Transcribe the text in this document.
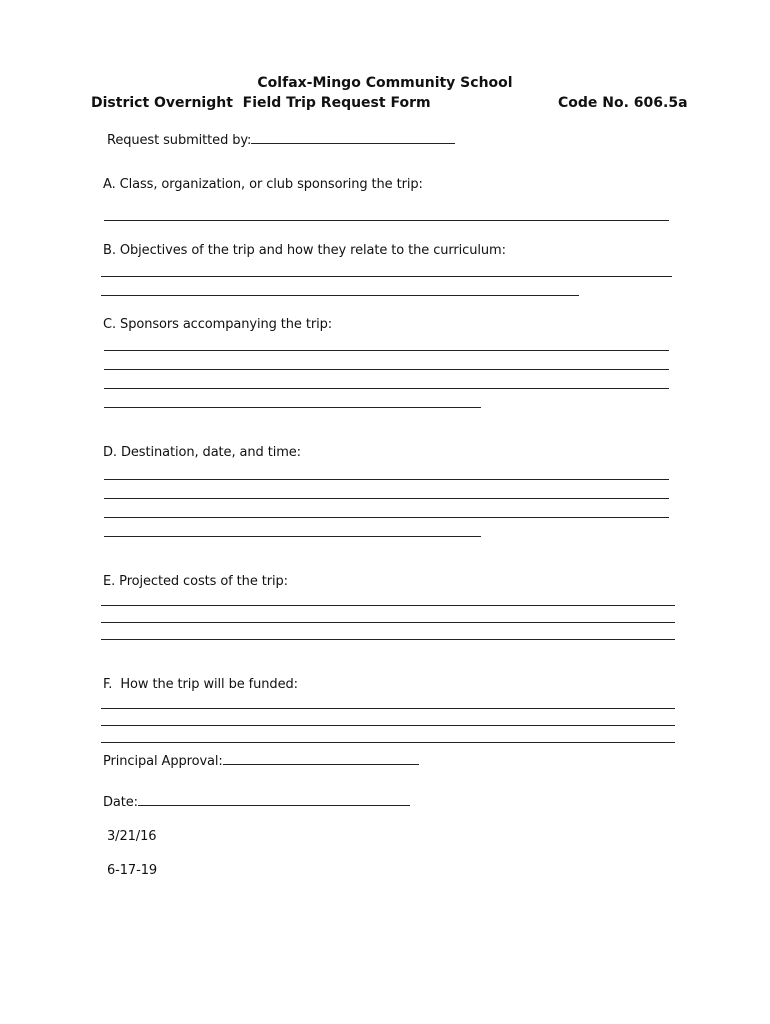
Colfax-Mingo Community School
District Overnight  Field Trip Request Form	Code No. 606.5a
Request submitted by:
A. Class, organization, or club sponsoring the trip:
B. Objectives of the trip and how they relate to the curriculum:
C. Sponsors accompanying the trip:
D. Destination, date, and time:
E. Projected costs of the trip:
F.  How the trip will be funded:
Principal Approval:
Date:
3/21/16
6-17-19
